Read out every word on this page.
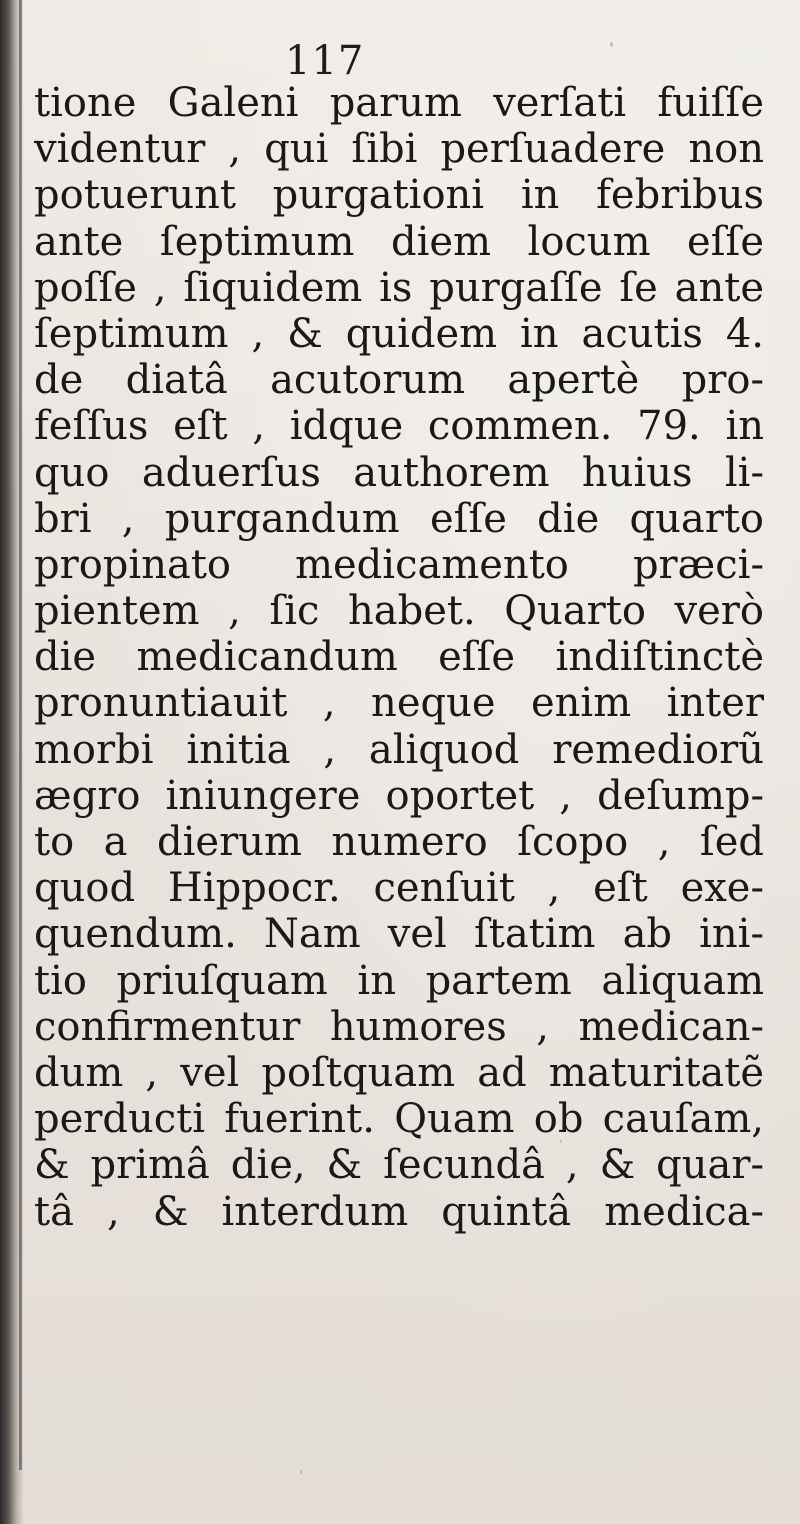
117
tione Galeni parum verſati fuiſſe
videntur , qui ſibi perſuadere non
potuerunt purgationi in febribus
ante ſeptimum diem locum eſſe
poſſe , ſiquidem is purgaſſe ſe ante
ſeptimum , & quidem in acutis 4.
de diatâ acutorum apertè pro-
feſſus eſt , idque commen. 79. in
quo aduerſus authorem huius li-
bri , purgandum eſſe die quarto
propinato medicamento præci-
pientem , ſic habet. Quarto verò
die medicandum eſſe indiſtinctè
pronuntiauit , neque enim inter
morbi initia , aliquod remediorũ
ægro iniungere oportet , deſump-
to a dierum numero ſcopo , ſed
quod Hippocr. cenſuit , eſt exe-
quendum. Nam vel ſtatim ab ini-
tio priuſquam in partem aliquam
confirmentur humores , medican-
dum , vel poſtquam ad maturitatẽ
perducti fuerint. Quam ob cauſam,
& primâ die, & ſecundâ , & quar-
tâ , & interdum quintâ medica-
